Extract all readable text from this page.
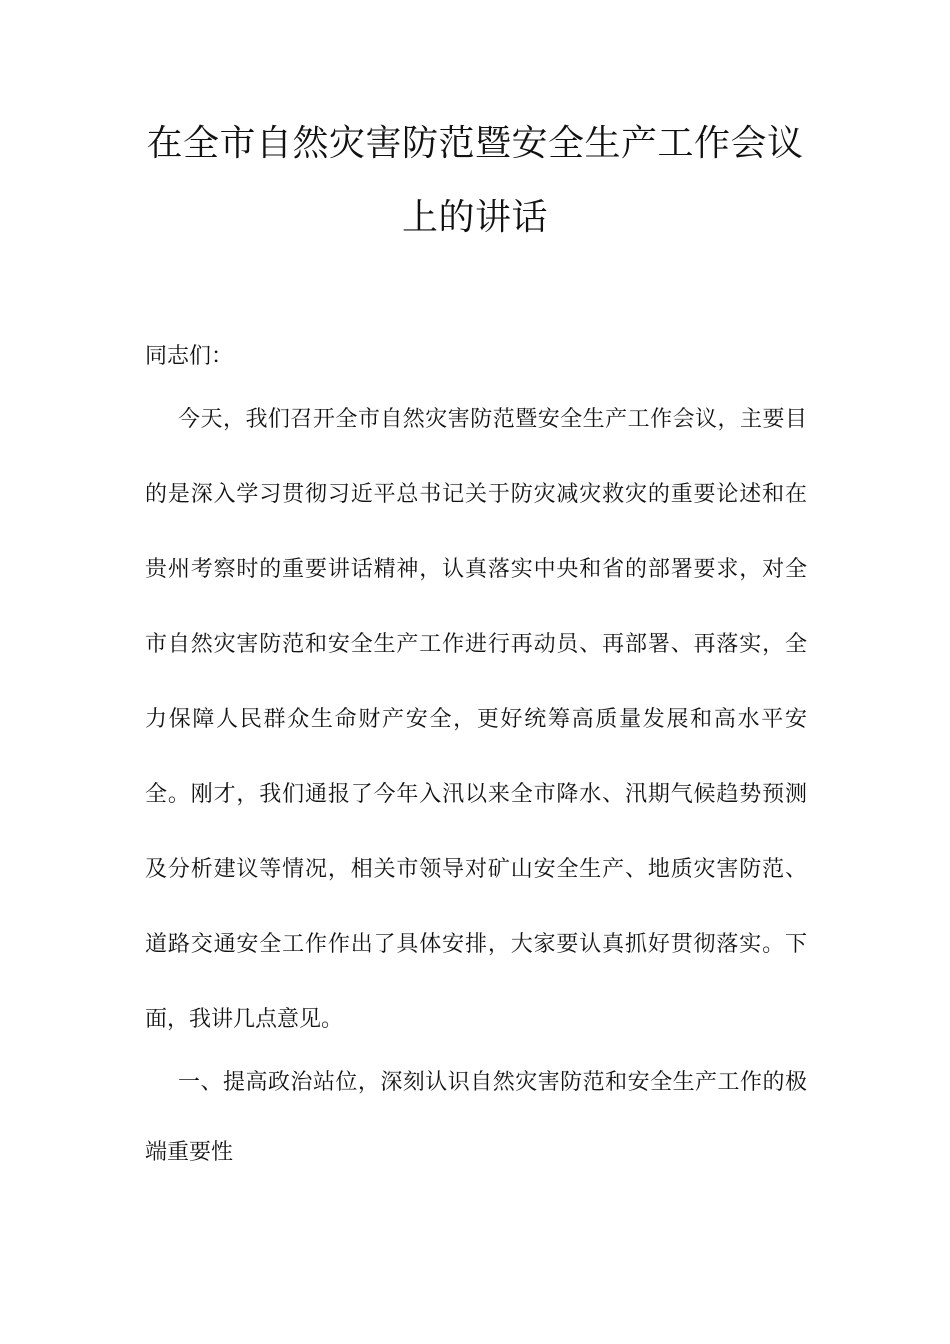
在全市自然灾害防范暨安全生产工作会议
上的讲话
同志们：
今天，我们召开全市自然灾害防范暨安全生产工作会议，主要目
的是深入学习贯彻习近平总书记关于防灾减灾救灾的重要论述和在
贵州考察时的重要讲话精神，认真落实中央和省的部署要求，对全
市自然灾害防范和安全生产工作进行再动员、再部署、再落实，全
力保障人民群众生命财产安全，更好统筹高质量发展和高水平安
全。刚才，我们通报了今年入汛以来全市降水、汛期气候趋势预测
及分析建议等情况，相关市领导对矿山安全生产、地质灾害防范、
道路交通安全工作作出了具体安排，大家要认真抓好贯彻落实。下
面，我讲几点意见。
一、提高政治站位，深刻认识自然灾害防范和安全生产工作的极
端重要性
